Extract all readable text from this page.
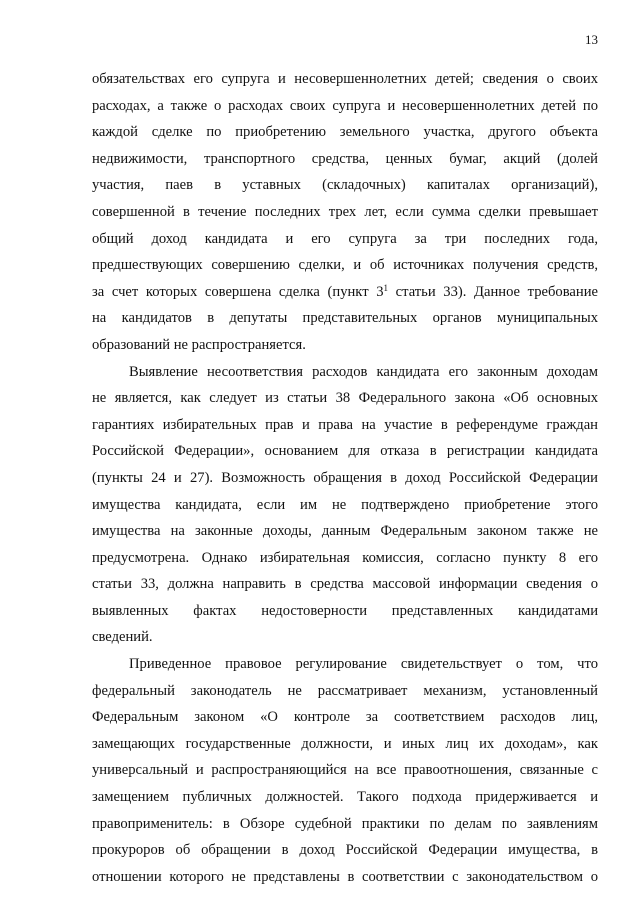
13
обязательствах его супруга и несовершеннолетних детей; сведения о своих
расходах, а также о расходах своих супруга и несовершеннолетних детей по
каждой сделке по приобретению земельного участка, другого объекта
недвижимости, транспортного средства, ценных бумаг, акций (долей
участия, паев в уставных (складочных) капиталах организаций),
совершенной в течение последних трех лет, если сумма сделки превышает
общий доход кандидата и его супруга за три последних года,
предшествующих совершению сделки, и об источниках получения средств,
за счет которых совершена сделка (пункт $3^1$ статьи 33). Данное требование
на кандидатов в депутаты представительных органов муниципальных
образований не распространяется.
Выявление несоответствия расходов кандидата его законным доходам
не является, как следует из статьи 38 Федерального закона «Об основных
гарантиях избирательных прав и права на участие в референдуме граждан
Российской Федерации», основанием для отказа в регистрации кандидата
(пункты 24 и 27). Возможность обращения в доход Российской Федерации
имущества кандидата, если им не подтверждено приобретение этого
имущества на законные доходы, данным Федеральным законом также не
предусмотрена. Однако избирательная комиссия, согласно пункту 8 его
статьи 33, должна направить в средства массовой информации сведения о
выявленных фактах недостоверности представленных кандидатами
сведений.
Приведенное правовое регулирование свидетельствует о том, что
федеральный законодатель не рассматривает механизм, установленный
Федеральным законом «О контроле за соответствием расходов лиц,
замещающих государственные должности, и иных лиц их доходам», как
универсальный и распространяющийся на все правоотношения, связанные с
замещением публичных должностей. Такого подхода придерживается и
правоприменитель: в Обзоре судебной практики по делам по заявлениям
прокуроров об обращении в доход Российской Федерации имущества, в
отношении которого не представлены в соответствии с законодательством о
